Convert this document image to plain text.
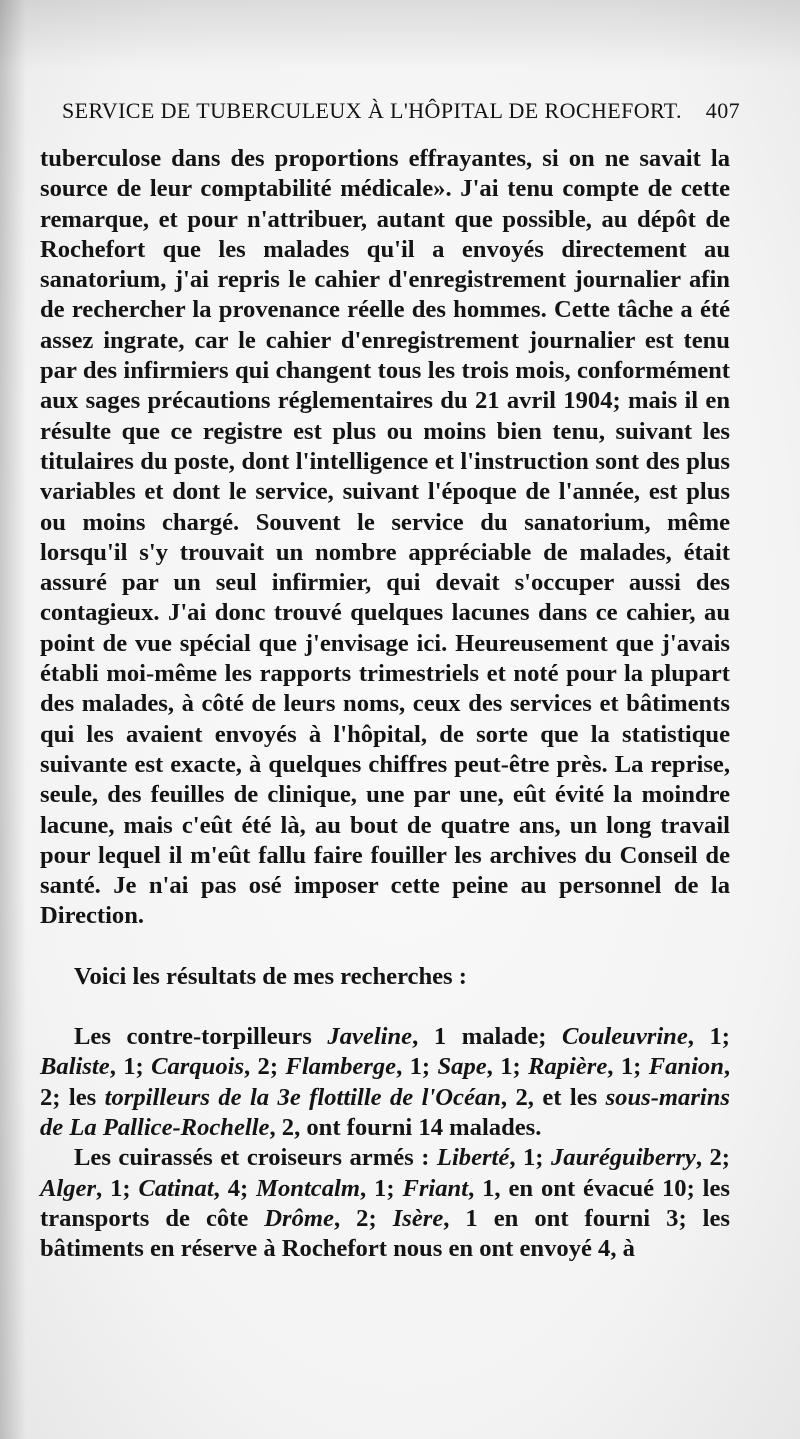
SERVICE DE TUBERCULEUX À L'HÔPITAL DE ROCHEFORT. 407

tuberculose dans des proportions effrayantes, si on ne savait la source de leur comptabilité médicale». J'ai tenu compte de cette remarque, et pour n'attribuer, autant que possible, au dépôt de Rochefort que les malades qu'il a envoyés directement au sanatorium, j'ai repris le cahier d'enregistrement journalier afin de rechercher la provenance réelle des hommes. Cette tâche a été assez ingrate, car le cahier d'enregistrement journalier est tenu par des infirmiers qui changent tous les trois mois, conformément aux sages précautions réglementaires du 21 avril 1904; mais il en résulte que ce registre est plus ou moins bien tenu, suivant les titulaires du poste, dont l'intelligence et l'instruction sont des plus variables et dont le service, suivant l'époque de l'année, est plus ou moins chargé. Souvent le service du sanatorium, même lorsqu'il s'y trouvait un nombre appréciable de malades, était assuré par un seul infirmier, qui devait s'occuper aussi des contagieux. J'ai donc trouvé quelques lacunes dans ce cahier, au point de vue spécial que j'envisage ici. Heureusement que j'avais établi moi-même les rapports trimestriels et noté pour la plupart des malades, à côté de leurs noms, ceux des services et bâtiments qui les avaient envoyés à l'hôpital, de sorte que la statistique suivante est exacte, à quelques chiffres peut-être près. La reprise, seule, des feuilles de clinique, une par une, eût évité la moindre lacune, mais c'eût été là, au bout de quatre ans, un long travail pour lequel il m'eût fallu faire fouiller les archives du Conseil de santé. Je n'ai pas osé imposer cette peine au personnel de la Direction.

Voici les résultats de mes recherches :

Les contre-torpilleurs Javeline, 1 malade; Couleuvrine, 1; Baliste, 1; Carquois, 2; Flamberge, 1; Sape, 1; Rapière, 1; Fanion, 2; les torpilleurs de la 3e flottille de l'Océan, 2, et les sous-marins de La Pallice-Rochelle, 2, ont fourni 14 malades.

Les cuirassés et croiseurs armés : Liberté, 1; Jauréguiberry, 2; Alger, 1; Catinat, 4; Montcalm, 1; Friant, 1, en ont évacué 10; les transports de côte Drôme, 2; Isère, 1 en ont fourni 3; les bâtiments en réserve à Rochefort nous en ont envoyé 4, à
